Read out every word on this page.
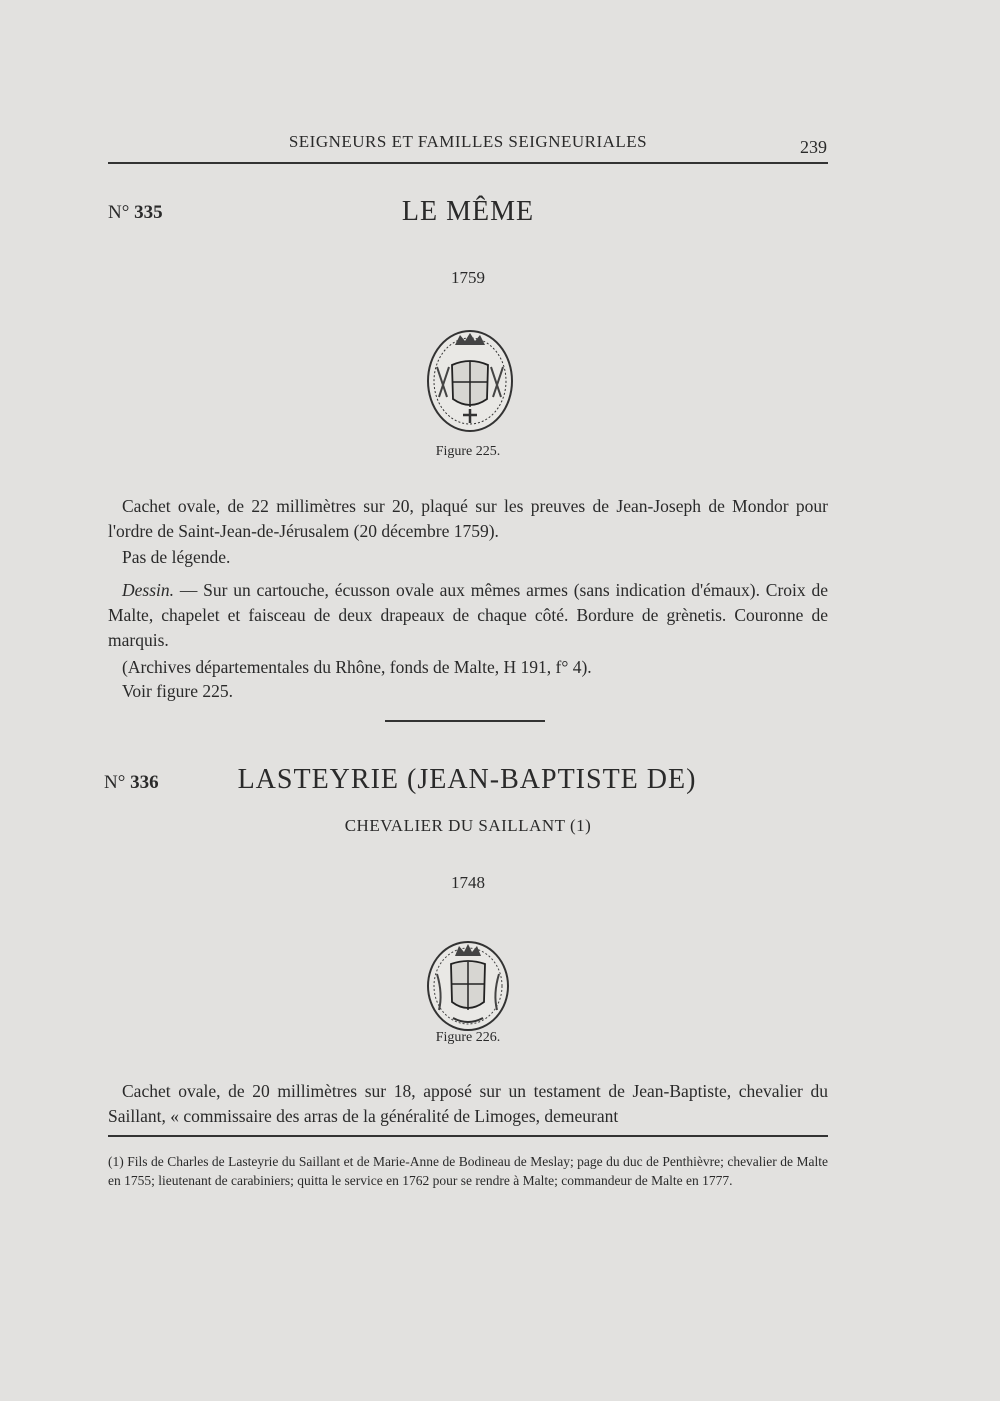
SEIGNEURS ET FAMILLES SEIGNEURIALES	239
N° 335	LE MÊME
1759
Figure 225.
Cachet ovale, de 22 millimètres sur 20, plaqué sur les preuves de Jean-Joseph de Mondor pour l'ordre de Saint-Jean-de-Jérusalem (20 décembre 1759).
Pas de légende.
Dessin. — Sur un cartouche, écusson ovale aux mêmes armes (sans indication d'émaux). Croix de Malte, chapelet et faisceau de deux drapeaux de chaque côté. Bordure de grènetis. Couronne de marquis.
(Archives départementales du Rhône, fonds de Malte, H 191, f° 4).
Voir figure 225.
N° 336	LASTEYRIE (JEAN-BAPTISTE DE)
CHEVALIER DU SAILLANT (1)
1748
Figure 226.
Cachet ovale, de 20 millimètres sur 18, apposé sur un testament de Jean-Baptiste, chevalier du Saillant, « commissaire des arras de la généralité de Limoges, demeurant
(1) Fils de Charles de Lasteyrie du Saillant et de Marie-Anne de Bodineau de Meslay; page du duc de Penthièvre; chevalier de Malte en 1755; lieutenant de carabiniers; quitta le service en 1762 pour se rendre à Malte; commandeur de Malte en 1777.
